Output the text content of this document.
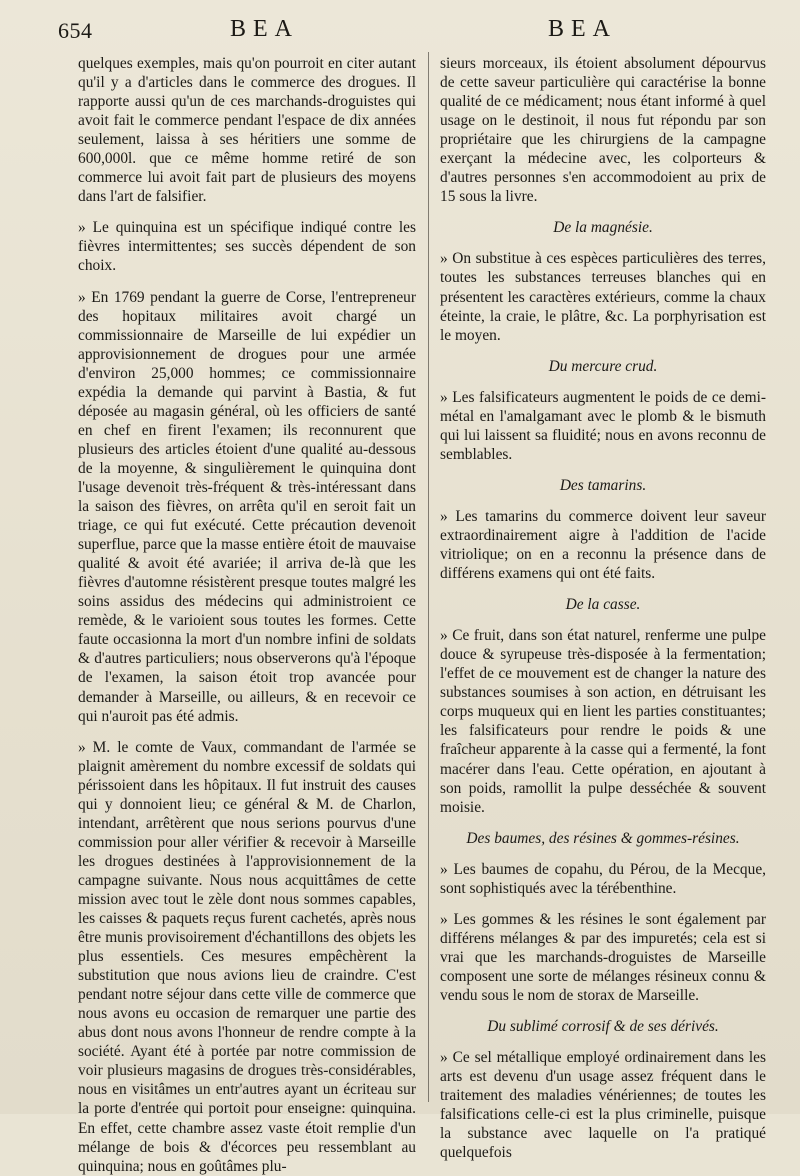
654	BEA	BEA

quelques exemples, mais qu'on pourroit en citer autant qu'il y a d'articles dans le commerce des drogues. Il rapporte aussi qu'un de ces marchands-droguistes qui avoit fait le commerce pendant l'espace de dix années seulement, laissa à ses héritiers une somme de 600,000l. que ce même homme retiré de son commerce lui avoit fait part de plusieurs des moyens dans l'art de falsifier.

» Le quinquina est un spécifique indiqué contre les fièvres intermittentes; ses succès dépendent de son choix.

» En 1769 pendant la guerre de Corse, l'entrepreneur des hopitaux militaires avoit chargé un commissionnaire de Marseille de lui expédier un approvisionnement de drogues pour une armée d'environ 25,000 hommes; ce commissionnaire expédia la demande qui parvint à Bastia, & fut déposée au magasin général, où les officiers de santé en chef en firent l'examen; ils reconnurent que plusieurs des articles étoient d'une qualité au-dessous de la moyenne, & singulièrement le quinquina dont l'usage devenoit très-fréquent & très-intéressant dans la saison des fièvres, on arrêta qu'il en seroit fait un triage, ce qui fut exécuté. Cette précaution devenoit superflue, parce que la masse entière étoit de mauvaise qualité & avoit été avariée; il arriva de-là que les fièvres d'automne résistèrent presque toutes malgré les soins assidus des médecins qui administroient ce remède, & le varioient sous toutes les formes. Cette faute occasionna la mort d'un nombre infini de soldats & d'autres particuliers; nous observerons qu'à l'époque de l'examen, la saison étoit trop avancée pour demander à Marseille, ou ailleurs, & en recevoir ce qui n'auroit pas été admis.

» M. le comte de Vaux, commandant de l'armée se plaignit amèrement du nombre excessif de soldats qui périssoient dans les hôpitaux. Il fut instruit des causes qui y donnoient lieu; ce général & M. de Charlon, intendant, arrêtèrent que nous serions pourvus d'une commission pour aller vérifier & recevoir à Marseille les drogues destinées à l'approvisionnement de la campagne suivante. Nous nous acquittâmes de cette mission avec tout le zèle dont nous sommes capables, les caisses & paquets reçus furent cachetés, après nous être munis provisoirement d'échantillons des objets les plus essentiels. Ces mesures empêchèrent la substitution que nous avions lieu de craindre. C'est pendant notre séjour dans cette ville de commerce que nous avons eu occasion de remarquer une partie des abus dont nous avons l'honneur de rendre compte à la société. Ayant été à portée par notre commission de voir plusieurs magasins de drogues très-considérables, nous en visitâmes un entr'autres ayant un écriteau sur la porte d'entrée qui portoit pour enseigne: quinquina. En effet, cette chambre assez vaste étoit remplie d'un mélange de bois & d'écorces peu ressemblant au quinquina; nous en goûtâmes plu-

sieurs morceaux, ils étoient absolument dépourvus de cette saveur particulière qui caractérise la bonne qualité de ce médicament; nous étant informé à quel usage on le destinoit, il nous fut répondu par son propriétaire que les chirurgiens de la campagne exerçant la médecine avec, les colporteurs & d'autres personnes s'en accommodoient au prix de 15 sous la livre.

De la magnésie.

» On substitue à ces espèces particulières des terres, toutes les substances terreuses blanches qui en présentent les caractères extérieurs, comme la chaux éteinte, la craie, le plâtre, &c. La porphyrisation est le moyen.

Du mercure crud.

» Les falsificateurs augmentent le poids de ce demi-métal en l'amalgamant avec le plomb & le bismuth qui lui laissent sa fluidité; nous en avons reconnu de semblables.

Des tamarins.

» Les tamarins du commerce doivent leur saveur extraordinairement aigre à l'addition de l'acide vitriolique; on en a reconnu la présence dans de différens examens qui ont été faits.

De la casse.

» Ce fruit, dans son état naturel, renferme une pulpe douce & syrupeuse très-disposée à la fermentation; l'effet de ce mouvement est de changer la nature des substances soumises à son action, en détruisant les corps muqueux qui en lient les parties constituantes; les falsificateurs pour rendre le poids & une fraîcheur apparente à la casse qui a fermenté, la font macérer dans l'eau. Cette opération, en ajoutant à son poids, ramollit la pulpe desséchée & souvent moisie.

Des baumes, des résines & gommes-résines.

» Les baumes de copahu, du Pérou, de la Mecque, sont sophistiqués avec la térébenthine.

» Les gommes & les résines le sont également par différens mélanges & par des impuretés; cela est si vrai que les marchands-droguistes de Marseille composent une sorte de mélanges résineux connu & vendu sous le nom de storax de Marseille.

Du sublimé corrosif & de ses dérivés.

» Ce sel métallique employé ordinairement dans les arts est devenu d'un usage assez fréquent dans le traitement des maladies vénériennes; de toutes les falsifications celle-ci est la plus criminelle, puisque la substance avec laquelle on l'a pratiqué quelquefois
